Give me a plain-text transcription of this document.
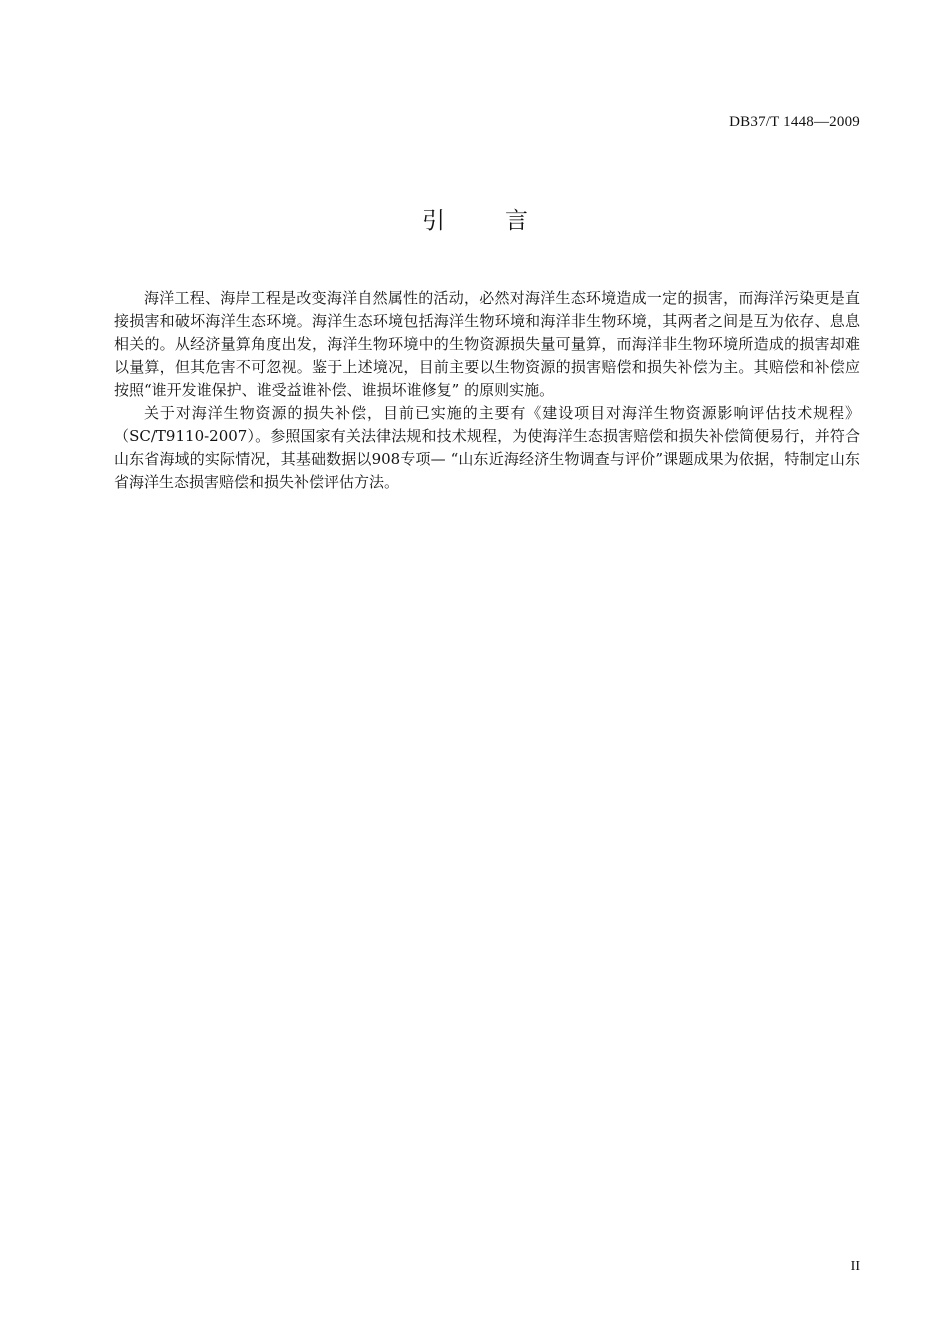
DB37/T 1448—2009
引言

海洋工程、海岸工程是改变海洋自然属性的活动，必然对海洋生态环境造成一定的损害，而海洋污染更是直接损害和破坏海洋生态环境。海洋生态环境包括海洋生物环境和海洋非生物环境，其两者之间是互为依存、息息相关的。从经济量算角度出发，海洋生物环境中的生物资源损失量可量算，而海洋非生物环境所造成的损害却难以量算，但其危害不可忽视。鉴于上述境况，目前主要以生物资源的损害赔偿和损失补偿为主。其赔偿和补偿应按照“谁开发谁保护、谁受益谁补偿、谁损坏谁修复” 的原则实施。

关于对海洋生物资源的损失补偿，目前已实施的主要有《建设项目对海洋生物资源影响评估技术规程》（SC/T9110-2007）。参照国家有关法律法规和技术规程，为使海洋生态损害赔偿和损失补偿简便易行，并符合山东省海域的实际情况，其基础数据以908专项— “山东近海经济生物调查与评价”课题成果为依据，特制定山东省海洋生态损害赔偿和损失补偿评估方法。

II
